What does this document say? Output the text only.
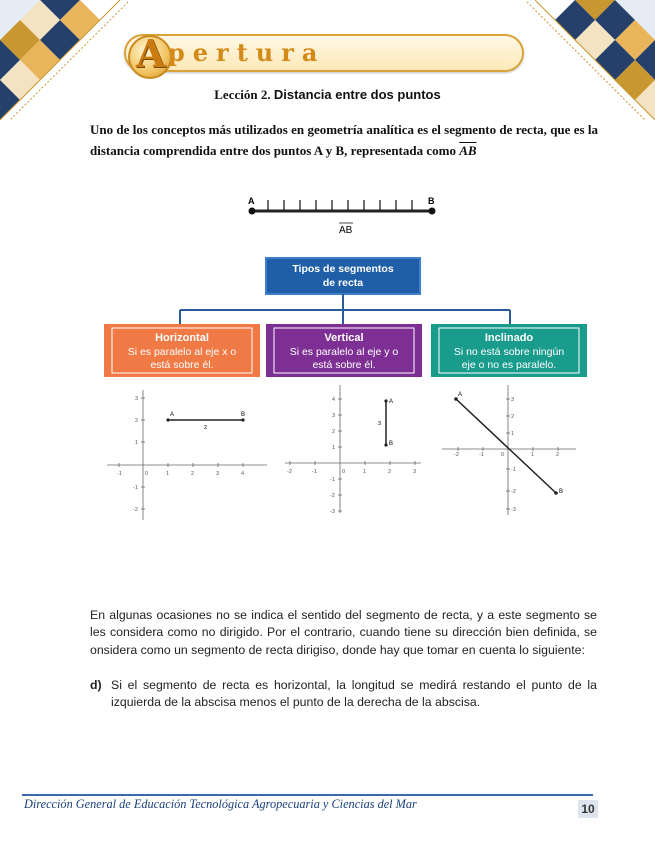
A pertura
Lección 2. Distancia entre dos puntos
Uno de los conceptos más utilizados en geometría analítica es el segmento de recta, que es la distancia comprendida entre dos puntos A y B, representada como $\overline{AB}$
A	B
AB
Tipos de segmentos
de recta
Horizontal
Si es paralelo al eje x o
está sobre él.
Vertical
Si es paralelo al eje y o
está sobre él.
Inclinado
Si no está sobre ningún
eje o no es paralelo.
-1	0	1	2	3	4
3
2
1
-1
-2
A	B
2
-2	-1	0	1	2	3
4
3
2
1
-1
-2
-3
A
B
3
-2	-1	0	1	2
3
2
1
-1
-2
-3
A
B
En algunas ocasiones no se indica el sentido del segmento de recta, y a este segmento se les considera como no dirigido. Por el contrario, cuando tiene su dirección bien definida, se onsidera como un segmento de recta dirigiso, donde hay que tomar en cuenta lo siguiente:
d) Si el segmento de recta es horizontal, la longitud se medirá restando el punto de la izquierda de la abscisa menos el punto de la derecha de la abscisa.
Dirección General de Educación Tecnológica Agropecuaria y Ciencias del Mar	10
